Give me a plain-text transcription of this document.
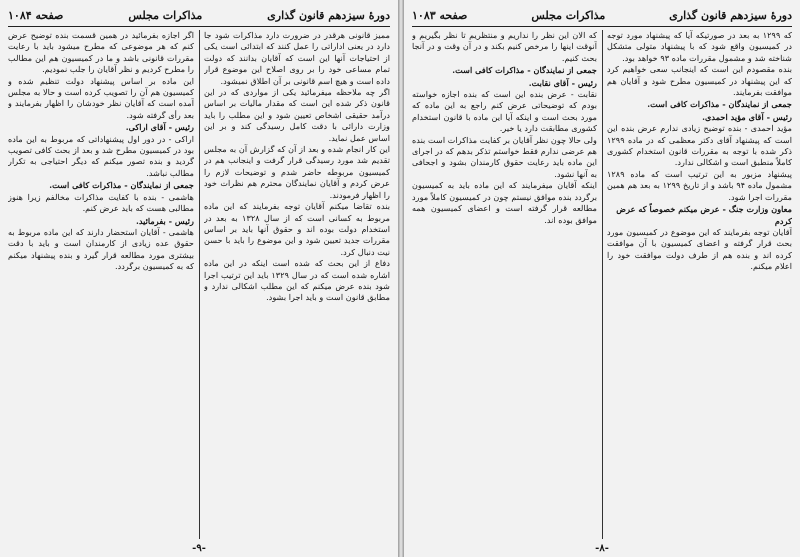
دورهٔ سیزدهم قانون گذاری
مذاکرات مجلس
صفحه ۱۰۸۴

ممیز قانونی هرقدر در ضرورت دارد مذاکرات شود جا دارد در یعنی اداراتی را عمل کنند که ابتدائی است یکی از احتیاجات آنها این است که آقایان بدانند که دولت تمام مساعی خود را بر روی اصلاح این موضوع قرار داده است و هیچ اسم قانونی بر آن اطلاق نمیشود.

اگر چه ملاحظه میفرمائید یکی از مواردی که در این قانون ذکر شده این است که مقدار مالیات بر اساس درآمد حقیقی اشخاص تعیین شود و این مطلب را باید وزارت دارائی با دقت کامل رسیدگی کند و بر این اساس عمل نماید.

این کار انجام شده و بعد از آن که گزارش آن به مجلس تقدیم شد مورد رسیدگی قرار گرفت و اینجانب هم در کمیسیون مربوطه حاضر شدم و توضیحات لازم را عرض کردم و آقایان نمایندگان محترم هم نظرات خود را اظهار فرمودند.

بنده تقاضا میکنم آقایان توجه بفرمایند که این ماده مربوط به کسانی است که از سال ۱۳۲۸ به بعد در استخدام دولت بوده اند و حقوق آنها باید بر اساس مقررات جدید تعیین شود و این موضوع را باید با حسن نیت دنبال کرد.

دفاع از این بحث که شده است اینکه در این ماده اشاره شده است که در سال ۱۳۲۹ باید این ترتیب اجرا شود بنده عرض میکنم که این مطلب اشکالی ندارد و مطابق قانون است و باید اجرا بشود.

اگر اجازه بفرمائید در همین قسمت بنده توضیح عرض کنم که هر موضوعی که مطرح میشود باید با رعایت مقررات قانونی باشد و ما در کمیسیون هم این مطالب را مطرح کردیم و نظر آقایان را جلب نمودیم.

این ماده بر اساس پیشنهاد دولت تنظیم شده و کمیسیون هم آن را تصویب کرده است و حالا به مجلس آمده است که آقایان نظر خودشان را اظهار بفرمایند و بعد رأی گرفته شود.

رئیس - آقای اراکی.

اراکی - در دور اول پیشنهاداتی که مربوط به این ماده بود در کمیسیون مطرح شد و بعد از بحث کافی تصویب گردید و بنده تصور میکنم که دیگر احتیاجی به تکرار مطالب نباشد.

جمعی از نمایندگان - مذاکرات کافی است.

هاشمی - بنده با کفایت مذاکرات مخالفم زیرا هنوز مطالبی هست که باید عرض کنم.

رئیس - بفرمائید.

هاشمی - آقایان استحضار دارند که این ماده مربوط به حقوق عده زیادی از کارمندان است و باید با دقت بیشتری مورد مطالعه قرار گیرد و بنده پیشنهاد میکنم که به کمیسیون برگردد.

-۹-
دورهٔ سیزدهم قانون گذاری
مذاکرات مجلس
صفحه ۱۰۸۳

که ۱۲۹۹ به بعد در صورتیکه آیا که پیشنهاد مورد توجه در کمیسیون واقع شود که با پیشنهاد متولی متشکل شناخته شد و مشمول مقررات ماده ۹۳ خواهد بود.

بنده مقصودم این است که اینجانب سعی خواهیم کرد که این پیشنهاد در کمیسیون مطرح شود و آقایان هم موافقت بفرمایند.

جمعی از نمایندگان - مذاکرات کافی است.

رئیس - آقای مؤید احمدی.

مؤید احمدی - بنده توضیح زیادی ندارم عرض بنده این است که پیشنهاد آقای دکتر معظمی که در ماده ۱۲۹۹ ذکر شده با توجه به مقررات قانون استخدام کشوری کاملاً منطبق است و اشکالی ندارد.

پیشنهاد مزبور به این ترتیب است که ماده ۱۲۸۹ مشمول ماده ۹۴ باشد و از تاریخ ۱۲۹۹ به بعد هم همین مقررات اجرا شود.

معاون وزارت جنگ - عرض میکنم خصوصاً که عرض کردم

آقایان توجه بفرمایند که این موضوع در کمیسیون مورد بحث قرار گرفته و اعضای کمیسیون با آن موافقت کرده اند و بنده هم از طرف دولت موافقت خود را اعلام میکنم.

که الان این نظر را نداریم و منتظریم تا نظر بگیریم و آنوقت اینها را مرخص کنیم بکند و در آن وقت و در آنجا بحث کنیم.

جمعی از نمایندگان - مذاکرات کافی است.

رئیس - آقای نقابت.

نقابت - عرض بنده این است که بنده اجازه خواسته بودم که توضیحاتی عرض کنم راجع به این ماده که مورد بحث است و اینکه آیا این ماده با قانون استخدام کشوری مطابقت دارد یا خیر.

ولی حالا چون نظر آقایان بر کفایت مذاکرات است بنده هم عرضی ندارم فقط خواستم تذکر بدهم که در اجرای این ماده باید رعایت حقوق کارمندان بشود و اجحافی به آنها نشود.

اینکه آقایان میفرمایند که این ماده باید به کمیسیون برگردد بنده موافق نیستم چون در کمیسیون کاملاً مورد مطالعه قرار گرفته است و اعضای کمیسیون همه موافق بوده اند.

-۸-
